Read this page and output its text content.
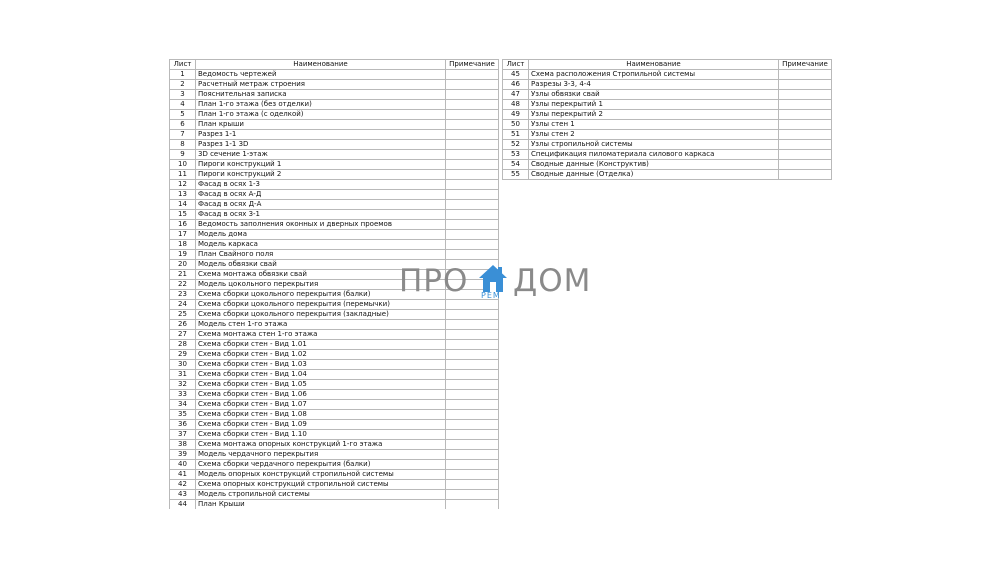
Лист	Наименование	Примечание
1	Ведомость чертежей	
2	Расчетный метраж строения	
3	Пояснительная записка	
4	План 1-го этажа (без отделки)	
5	План 1-го этажа (с оделкой)	
6	План крыши	
7	Разрез 1-1	
8	Разрез 1-1 3D	
9	3D сечение 1-этаж	
10	Пироги конструкций 1	
11	Пироги конструкций 2	
12	Фасад в осях 1-3	
13	Фасад в осях А-Д	
14	Фасад в осях Д-А	
15	Фасад в осях 3-1	
16	Ведомость заполнения оконных и дверных проемов	
17	Модель дома	
18	Модель каркаса	
19	План Свайного поля	
20	Модель обвязки свай	
21	Схема монтажа обвязки свай	
22	Модель цокольного перекрытия	
23	Схема сборки цокольного перекрытия (балки)	
24	Схема сборки цокольного перекрытия (перемычки)	
25	Схема сборки цокольного перекрытия (закладные)	
26	Модель стен 1-го этажа	
27	Схема монтажа стен 1-го этажа	
28	Схема сборки стен - Вид 1.01	
29	Схема сборки стен - Вид 1.02	
30	Схема сборки стен - Вид 1.03	
31	Схема сборки стен - Вид 1.04	
32	Схема сборки стен - Вид 1.05	
33	Схема сборки стен - Вид 1.06	
34	Схема сборки стен - Вид 1.07	
35	Схема сборки стен - Вид 1.08	
36	Схема сборки стен - Вид 1.09	
37	Схема сборки стен - Вид 1.10	
38	Схема монтажа опорных конструкций 1-го этажа	
39	Модель чердачного перекрытия	
40	Схема сборки чердачного перекрытия (балки)	
41	Модель опорных конструкций стропильной системы	
42	Схема опорных конструкций стропильной системы	
43	Модель стропильной системы	
44	План Крыши	
Лист	Наименование	Примечание
45	Схема расположения Стропильной системы	
46	Разрезы 3-3, 4-4	
47	Узлы обвязки свай	
48	Узлы перекрытий 1	
49	Узлы перекрытий 2	
50	Узлы стен 1	
51	Узлы стен 2	
52	Узлы стропильной системы	
53	Спецификация пиломатериала силового каркаса	
54	Сводные данные (Конструктив)	
55	Сводные данные (Отделка)	
ПРО РЕМ ДОМ
